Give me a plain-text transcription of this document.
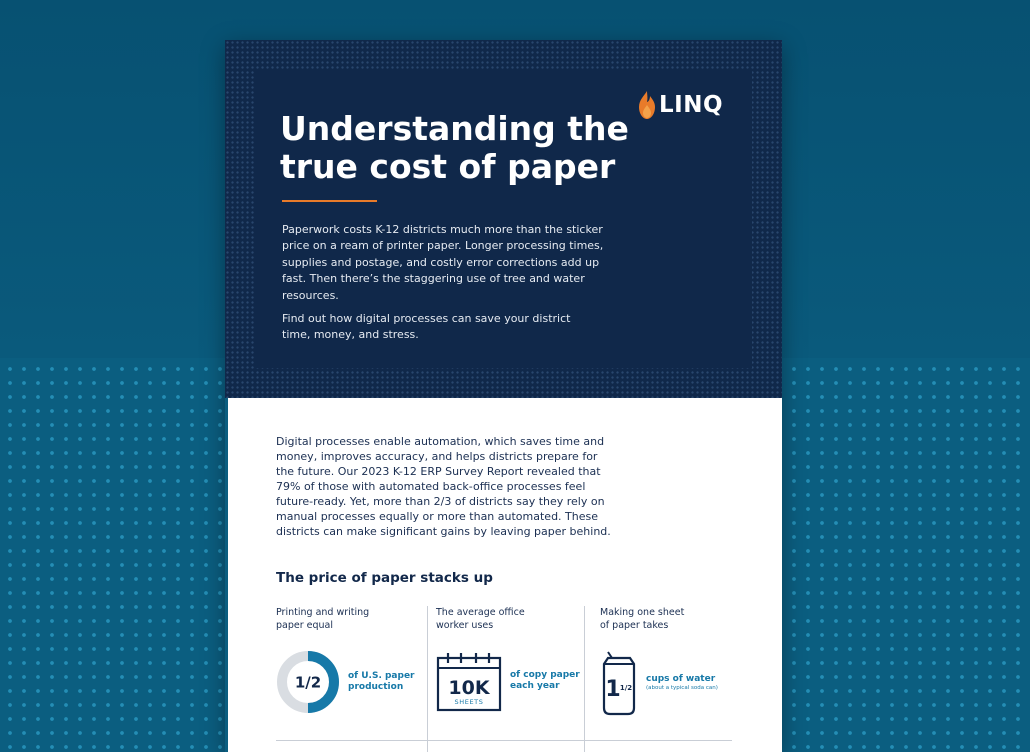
LINQ
Understanding the
true cost of paper

Paperwork costs K-12 districts much more than the sticker price on a ream of printer paper. Longer processing times, supplies and postage, and costly error corrections add up fast. Then there’s the staggering use of tree and water resources.

Find out how digital processes can save your district time, money, and stress.

Digital processes enable automation, which saves time and money, improves accuracy, and helps districts prepare for the future. Our 2023 K-12 ERP Survey Report revealed that 79% of those with automated back-office processes feel future-ready. Yet, more than 2/3 of districts say they rely on manual processes equally or more than automated. These districts can make significant gains by leaving paper behind.

The price of paper stacks up

Printing and writing
paper equal

1/2	of U.S. paper
production

The average office
worker uses

10K
SHEETS
of copy paper
each year

Making one sheet
of paper takes

1 1/2
cups of water
(about a typical soda can)
